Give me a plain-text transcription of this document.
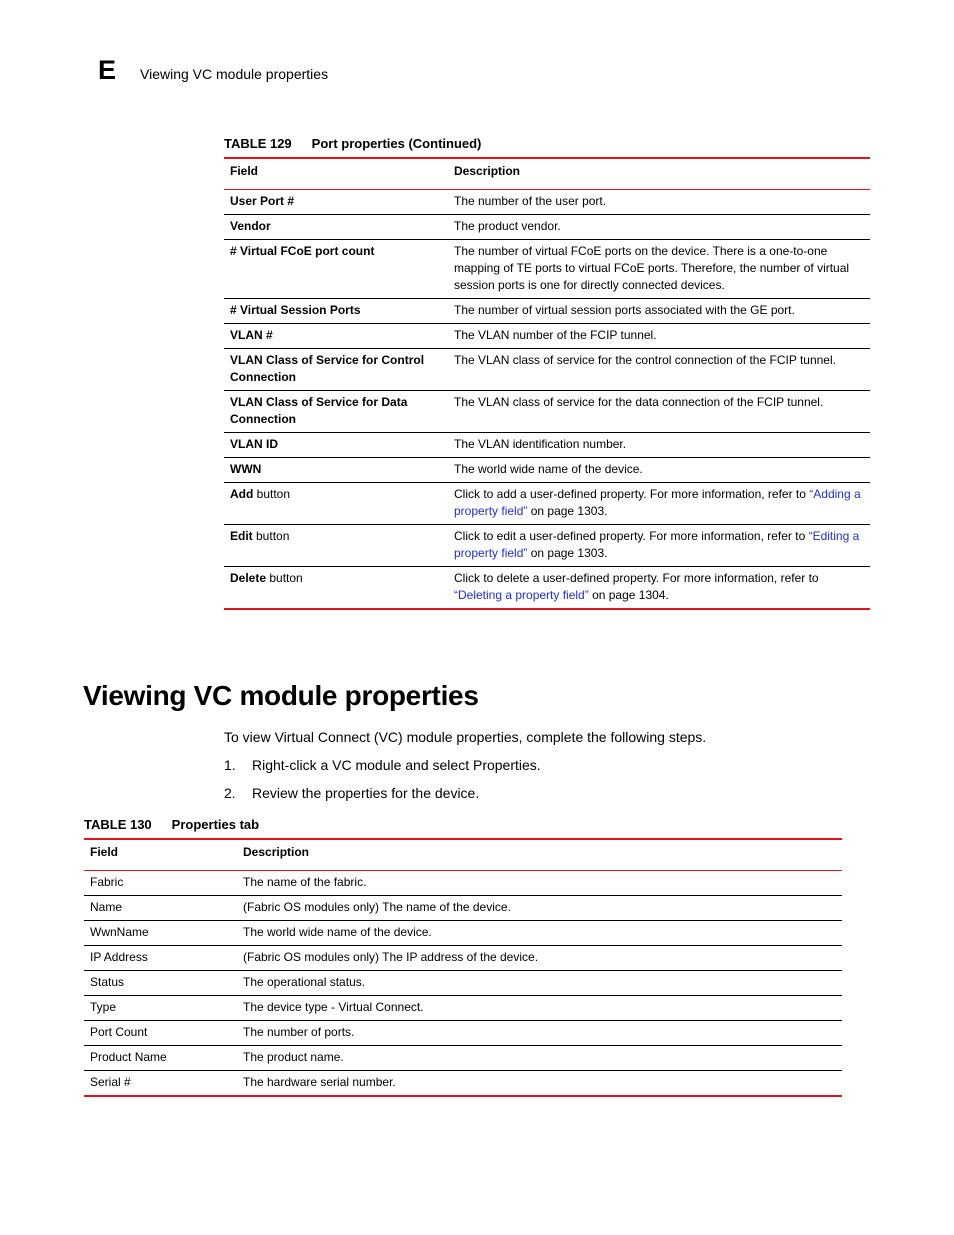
E Viewing VC module properties
TABLE 129 Port properties (Continued)
Field	Description
User Port #	The number of the user port.
Vendor	The product vendor.
# Virtual FCoE port count	The number of virtual FCoE ports on the device. There is a one-to-one mapping of TE ports to virtual FCoE ports. Therefore, the number of virtual session ports is one for directly connected devices.
# Virtual Session Ports	The number of virtual session ports associated with the GE port.
VLAN #	The VLAN number of the FCIP tunnel.
VLAN Class of Service for Control Connection	The VLAN class of service for the control connection of the FCIP tunnel.
VLAN Class of Service for Data Connection	The VLAN class of service for the data connection of the FCIP tunnel.
VLAN ID	The VLAN identification number.
WWN	The world wide name of the device.
Add button	Click to add a user-defined property. For more information, refer to “Adding a property field” on page 1303.
Edit button	Click to edit a user-defined property. For more information, refer to “Editing a property field” on page 1303.
Delete button	Click to delete a user-defined property. For more information, refer to “Deleting a property field” on page 1304.
Viewing VC module properties
To view Virtual Connect (VC) module properties, complete the following steps.
1. Right-click a VC module and select Properties.
2. Review the properties for the device.
TABLE 130 Properties tab
Field	Description
Fabric	The name of the fabric.
Name	(Fabric OS modules only) The name of the device.
WwnName	The world wide name of the device.
IP Address	(Fabric OS modules only) The IP address of the device.
Status	The operational status.
Type	The device type - Virtual Connect.
Port Count	The number of ports.
Product Name	The product name.
Serial #	The hardware serial number.
